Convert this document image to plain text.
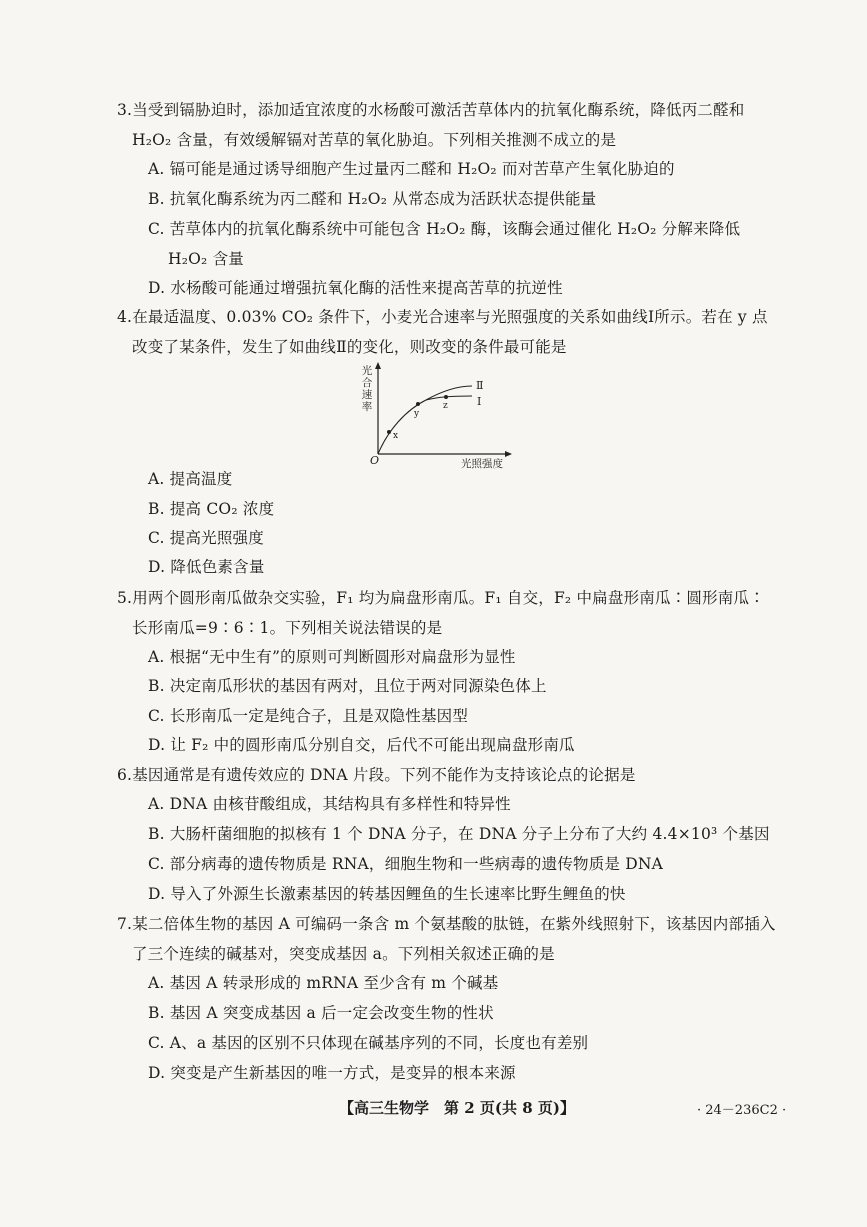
3.当受到镉胁迫时，添加适宜浓度的水杨酸可激活苦草体内的抗氧化酶系统，降低丙二醛和
H₂O₂ 含量，有效缓解镉对苦草的氧化胁迫。下列相关推测不成立的是
A. 镉可能是通过诱导细胞产生过量丙二醛和 H₂O₂ 而对苦草产生氧化胁迫的
B. 抗氧化酶系统为丙二醛和 H₂O₂ 从常态成为活跃状态提供能量
C. 苦草体内的抗氧化酶系统中可能包含 H₂O₂ 酶，该酶会通过催化 H₂O₂ 分解来降低
H₂O₂ 含量
D. 水杨酸可能通过增强抗氧化酶的活性来提高苦草的抗逆性
4.在最适温度、0.03% CO₂ 条件下，小麦光合速率与光照强度的关系如曲线Ⅰ所示。若在 y 点
改变了某条件，发生了如曲线Ⅱ的变化，则改变的条件最可能是
光合速率
O	光照强度
x
y
z
Ⅱ
Ⅰ
A. 提高温度
B. 提高 CO₂ 浓度
C. 提高光照强度
D. 降低色素含量
5.用两个圆形南瓜做杂交实验，F₁ 均为扁盘形南瓜。F₁ 自交，F₂ 中扁盘形南瓜∶圆形南瓜∶
长形南瓜=9∶6∶1。下列相关说法错误的是
A. 根据“无中生有”的原则可判断圆形对扁盘形为显性
B. 决定南瓜形状的基因有两对，且位于两对同源染色体上
C. 长形南瓜一定是纯合子，且是双隐性基因型
D. 让 F₂ 中的圆形南瓜分别自交，后代不可能出现扁盘形南瓜
6.基因通常是有遗传效应的 DNA 片段。下列不能作为支持该论点的论据是
A. DNA 由核苷酸组成，其结构具有多样性和特异性
B. 大肠杆菌细胞的拟核有 1 个 DNA 分子，在 DNA 分子上分布了大约 4.4×10³ 个基因
C. 部分病毒的遗传物质是 RNA，细胞生物和一些病毒的遗传物质是 DNA
D. 导入了外源生长激素基因的转基因鲤鱼的生长速率比野生鲤鱼的快
7.某二倍体生物的基因 A 可编码一条含 m 个氨基酸的肽链，在紫外线照射下，该基因内部插入
了三个连续的碱基对，突变成基因 a。下列相关叙述正确的是
A. 基因 A 转录形成的 mRNA 至少含有 m 个碱基
B. 基因 A 突变成基因 a 后一定会改变生物的性状
C. A、a 基因的区别不只体现在碱基序列的不同，长度也有差别
D. 突变是产生新基因的唯一方式，是变异的根本来源
【高三生物学　第 2 页(共 8 页)】	· 24－236C2 ·
